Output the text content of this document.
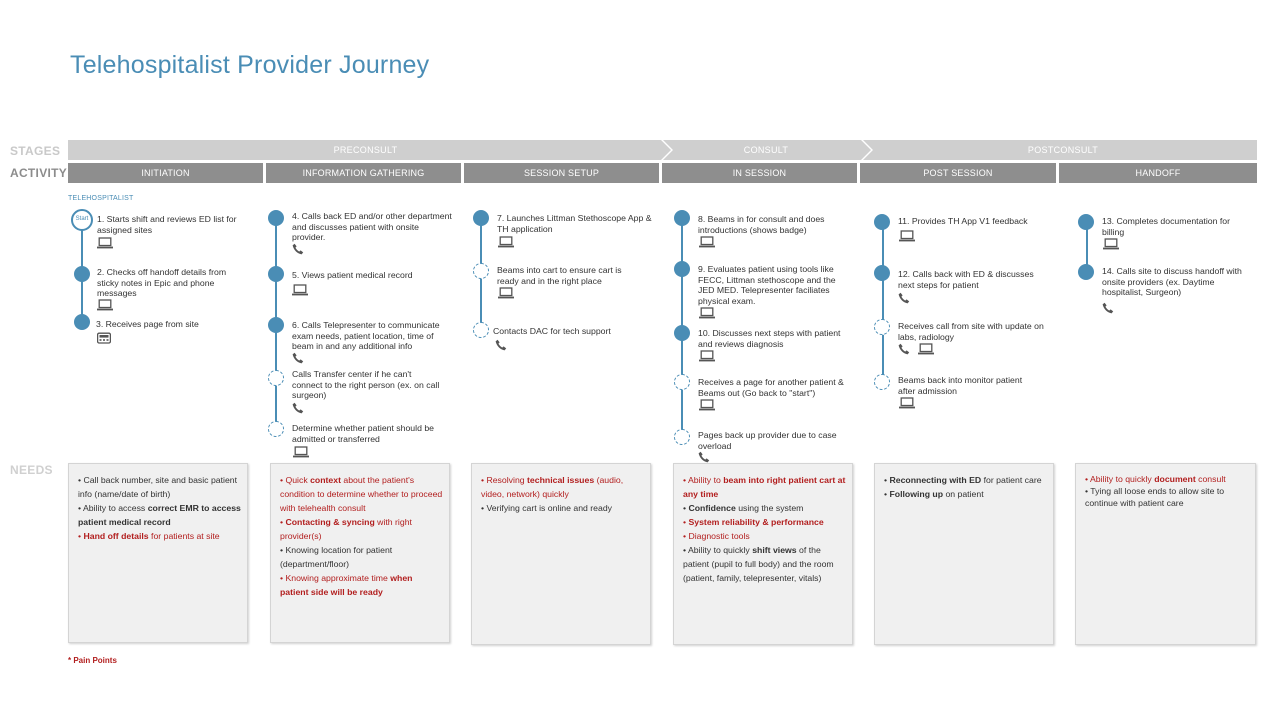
Telehospitalist Provider Journey
STAGES
ACTIVITY
NEEDS
PRECONSULT	CONSULT	POSTCONSULT
INITIATION	INFORMATION GATHERING	SESSION SETUP	IN SESSION	POST SESSION	HANDOFF
TELEHOSPITALIST
Start 1. Starts shift and reviews ED list for assigned sites
2. Checks off handoff details from sticky notes in Epic and phone messages
3. Receives page from site
4. Calls back ED and/or other department and discusses patient with onsite provider.
5. Views patient medical record
6. Calls Telepresenter to communicate exam needs, patient location, time of beam in and any additional info
Calls Transfer center if he can't connect to the right person (ex. on call surgeon)
Determine whether patient should be admitted or transferred
7. Launches Littman Stethoscope App & TH application
Beams into cart to ensure cart is ready and in the right place
Contacts DAC for tech support
8. Beams in for consult and does introductions (shows badge)
9. Evaluates patient using tools like FECC, Littman stethoscope and the JED MED. Telepresenter faciliates physical exam.
10. Discusses next steps with patient and reviews diagnosis
Receives a page for another patient & Beams out (Go back to "start")
Pages back up provider due to case overload
11. Provides TH App V1 feedback
12. Calls back with ED & discusses next steps for patient
Receives call from site with update on labs, radiology
Beams back into monitor patient after admission
13. Completes documentation for billing
14. Calls site to discuss handoff with onsite providers (ex. Daytime hospitalist, Surgeon)
• Call back number, site and basic patient info (name/date of birth)
• Ability to access correct EMR to access patient medical record
• Hand off details for patients at site
• Quick context about the patient's condition to determine whether to proceed with telehealth consult
• Contacting & syncing with right provider(s)
• Knowing location for patient (department/floor)
• Knowing approximate time when patient side will be ready
• Resolving technical issues (audio, video, network) quickly
• Verifying cart is online and ready
• Ability to beam into right patient cart at any time
• Confidence using the system
• System reliability & performance
• Diagnostic tools
• Ability to quickly shift views of the patient (pupil to full body) and the room (patient, family, telepresenter, vitals)
• Reconnecting with ED for patient care
• Following up on patient
• Ability to quickly document consult
• Tying all loose ends to allow site to continue with patient care
* Pain Points
